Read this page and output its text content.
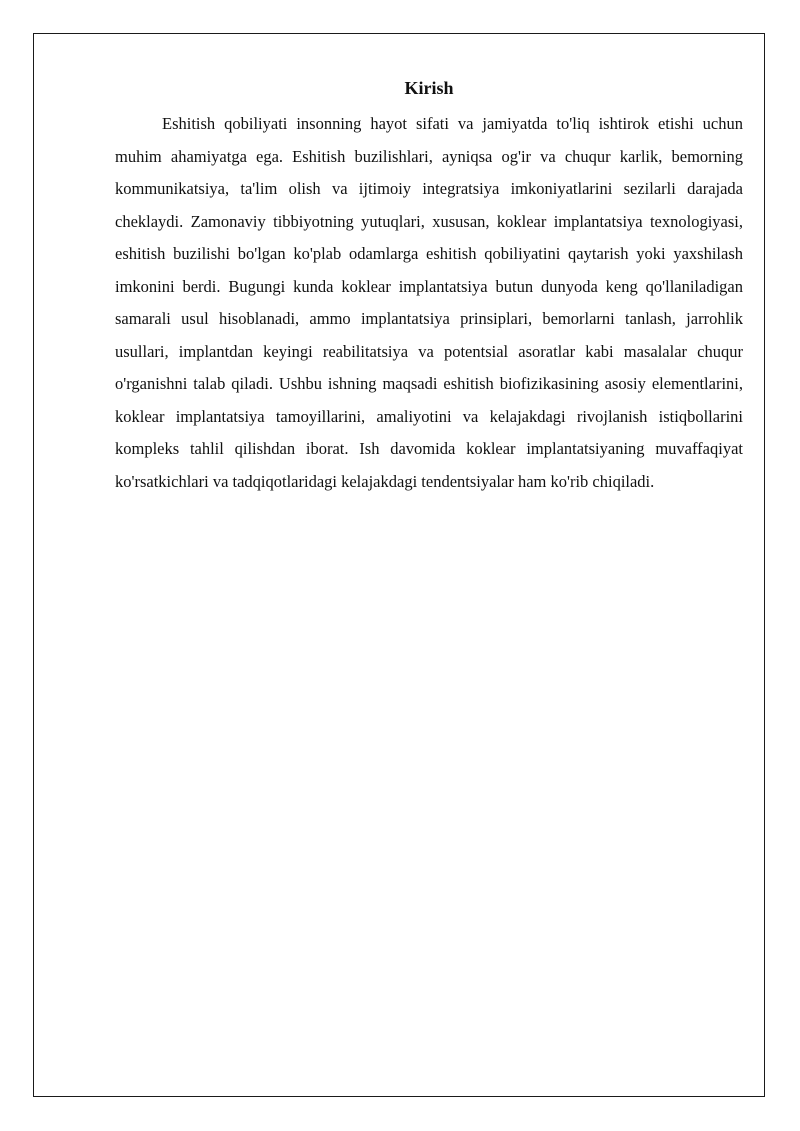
Kirish

Eshitish qobiliyati insonning hayot sifati va jamiyatda to'liq ishtirok etishi uchun muhim ahamiyatga ega. Eshitish buzilishlari, ayniqsa og'ir va chuqur karlik, bemorning kommunikatsiya, ta'lim olish va ijtimoiy integratsiya imkoniyatlarini sezilarli darajada cheklaydi. Zamonaviy tibbiyotning yutuqlari, xususan, koklear implantatsiya texnologiyasi, eshitish buzilishi bo'lgan ko'plab odamlarga eshitish qobiliyatini qaytarish yoki yaxshilash imkonini berdi. Bugungi kunda koklear implantatsiya butun dunyoda keng qo'llaniladigan samarali usul hisoblanadi, ammo implantatsiya prinsiplari, bemorlarni tanlash, jarrohlik usullari, implantdan keyingi reabilitatsiya va potentsial asoratlar kabi masalalar chuqur o'rganishni talab qiladi. Ushbu ishning maqsadi eshitish biofizikasining asosiy elementlarini, koklear implantatsiya tamoyillarini, amaliyotini va kelajakdagi rivojlanish istiqbollarini kompleks tahlil qilishdan iborat. Ish davomida koklear implantatsiyaning muvaffaqiyat ko'rsatkichlari va tadqiqotlaridagi kelajakdagi tendentsiyalar ham ko'rib chiqiladi.
